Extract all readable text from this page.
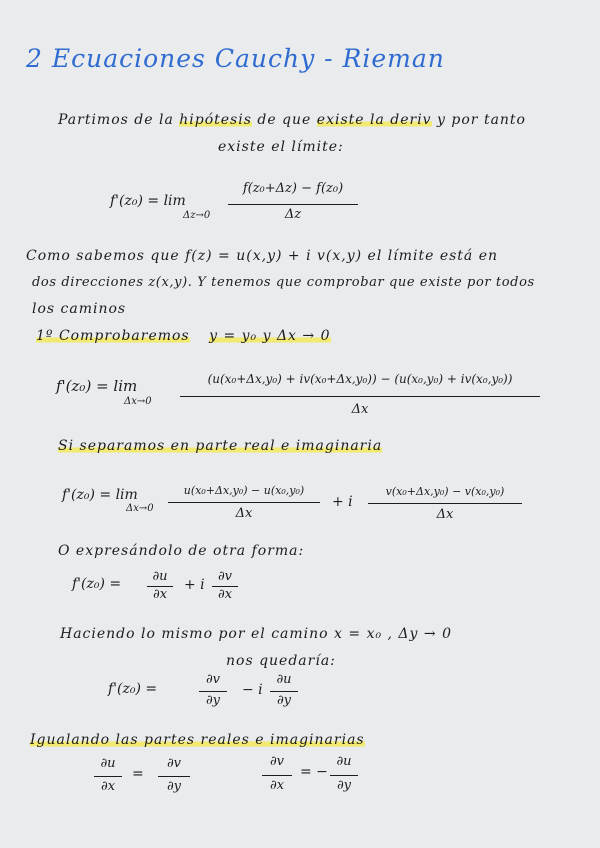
2 Ecuaciones Cauchy - Rieman
Partimos de la hipótesis de que existe la deriv y por tanto
existe el límite:
f'(z₀) = lim
Δz→0
f(z₀+Δz) − f(z₀)
Δz
Como sabemos que f(z) = u(x,y) + i v(x,y) el límite está en
dos direcciones z(x,y). Y tenemos que comprobar que existe por todos
los caminos
1º Comprobaremos y = y₀ y Δx → 0
f'(z₀) = lim
Δx→0
(u(x₀+Δx,y₀) + iv(x₀+Δx,y₀)) − (u(x₀,y₀) + iv(x₀,y₀))
Δx
Si separamos en parte real e imaginaria
f'(z₀) = lim
Δx→0
u(x₀+Δx,y₀) − u(x₀,y₀)
Δx
+ i
v(x₀+Δx,y₀) − v(x₀,y₀)
Δx
O expresándolo de otra forma:
f'(z₀) =	∂u
∂x
+ i
∂v
∂x
Haciendo lo mismo por el camino x = x₀ , Δy → 0
nos quedaría:
f'(z₀) =
∂v
∂y
− i
∂u
∂y
Igualando las partes reales e imaginarias
∂u
∂x
=
∂v
∂y
∂v
∂x
= −
∂u
∂y
